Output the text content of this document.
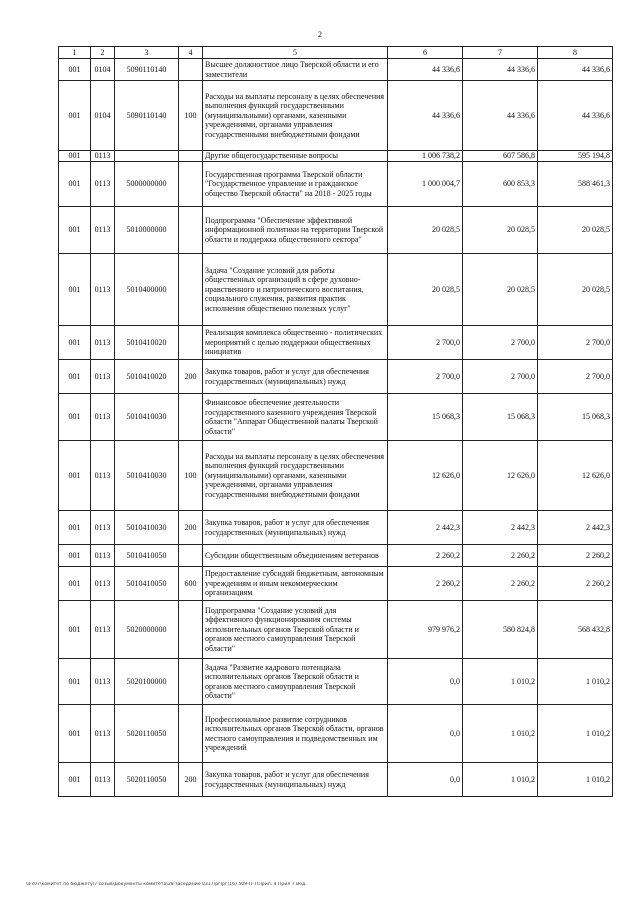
2
1	2	3	4	5	6	7	8
001	0104	5090110140		Высшее должностное лицо Тверской области и его заместители	44 336,6	44 336,6	44 336,6
001	0104	5090110140	100	Расходы на выплаты персоналу в целях обеспечения выполнения функций государственными (муниципальными) органами, казенными учреждениями, органами управления государственными внебюджетными фондами	44 336,6	44 336,6	44 336,6
001	0113			Другие общегосударственные вопросы	1 006 738,2	607 586,8	595 194,8
001	0113	5000000000		Государственная программа Тверской области "Государственное управление и гражданское общество Тверской области" на 2018 - 2025 годы	1 000 004,7	600 853,3	588 461,3
001	0113	5010000000		Подпрограмма "Обеспечение эффективной информационной политики на территории Тверской области и поддержка общественного сектора"	20 028,5	20 028,5	20 028,5
001	0113	5010400000		Задача "Создание условий для работы общественных организаций в сфере духовно-нравственного и патриотического воспитания, социального служения, развития практик исполнения общественно полезных услуг"	20 028,5	20 028,5	20 028,5
001	0113	5010410020		Реализация комплекса общественно - политических мероприятий с целью поддержки общественных инициатив	2 700,0	2 700,0	2 700,0
001	0113	5010410020	200	Закупка товаров, работ и услуг для обеспечения государственных (муниципальных) нужд	2 700,0	2 700,0	2 700,0
001	0113	5010410030		Финансовое обеспечение деятельности государственного казенного учреждения Тверской области "Аппарат Общественной палаты Тверской области"	15 068,3	15 068,3	15 068,3
001	0113	5010410030	100	Расходы на выплаты персоналу в целях обеспечения выполнения функций государственными (муниципальными) органами, казенными учреждениями, органами управления государственными внебюджетными фондами	12 626,0	12 626,0	12 626,0
001	0113	5010410030	200	Закупка товаров, работ и услуг для обеспечения государственных (муниципальных) нужд	2 442,3	2 442,3	2 442,3
001	0113	5010410050		Субсидии общественным объединениям ветеранов	2 260,2	2 260,2	2 260,2
001	0113	5010410050	600	Предоставление субсидий бюджетным, автономным учреждениям и иным некоммерческим организациям	2 260,2	2 260,2	2 260,2
001	0113	5020000000		Подпрограмма "Создание условий для эффективного функционирования системы исполнительных органов Тверской области и органов местного самоуправления Тверской области"	979 976,2	580 824,8	568 432,8
001	0113	5020100000		Задача "Развитие кадрового потенциала исполнительных органов Тверской области и органов местного самоуправления Тверской области"	0,0	1 010,2	1 010,2
001	0113	5020110050		Профессиональное развитие сотрудников исполнительных органов Тверской области, органов местного самоуправления и подведомственных им учреждений	0,0	1 010,2	1 010,2
001	0113	5020110050	200	Закупка товаров, работ и услуг для обеспечения государственных (муниципальных) нужд	0,0	1 010,2	1 010,2
\\Fs07\комитет по бюджету\7 созыв\Документы комитета\28 заседание 0317\рг\рг(16) 509-П-7\Прил. 4 Прил 7 Вед.
